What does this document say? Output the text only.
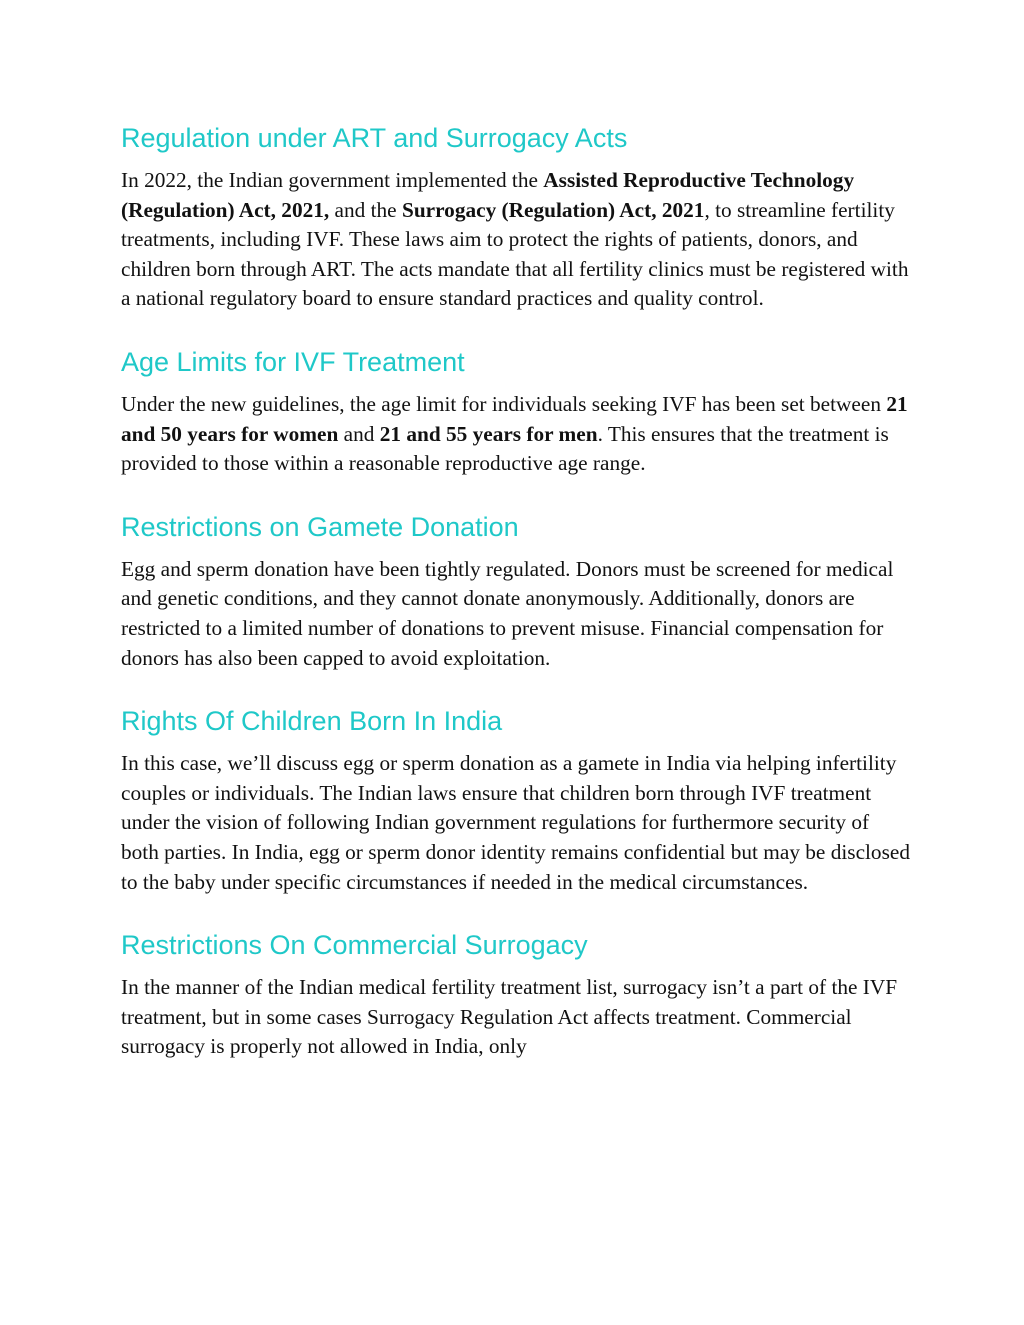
Regulation under ART and Surrogacy Acts

In 2022, the Indian government implemented the Assisted Reproductive Technology (Regulation) Act, 2021, and the Surrogacy (Regulation) Act, 2021, to streamline fertility treatments, including IVF. These laws aim to protect the rights of patients, donors, and children born through ART. The acts mandate that all fertility clinics must be registered with a national regulatory board to ensure standard practices and quality control.

Age Limits for IVF Treatment

Under the new guidelines, the age limit for individuals seeking IVF has been set between 21 and 50 years for women and 21 and 55 years for men. This ensures that the treatment is provided to those within a reasonable reproductive age range.

Restrictions on Gamete Donation

Egg and sperm donation have been tightly regulated. Donors must be screened for medical and genetic conditions, and they cannot donate anonymously. Additionally, donors are restricted to a limited number of donations to prevent misuse. Financial compensation for donors has also been capped to avoid exploitation.

Rights Of Children Born In India

In this case, we’ll discuss egg or sperm donation as a gamete in India via helping infertility couples or individuals. The Indian laws ensure that children born through IVF treatment under the vision of following Indian government regulations for furthermore security of both parties. In India, egg or sperm donor identity remains confidential but may be disclosed to the baby under specific circumstances if needed in the medical circumstances.

Restrictions On Commercial Surrogacy

In the manner of the Indian medical fertility treatment list, surrogacy isn’t a part of the IVF treatment, but in some cases Surrogacy Regulation Act affects treatment. Commercial surrogacy is properly not allowed in India, only
